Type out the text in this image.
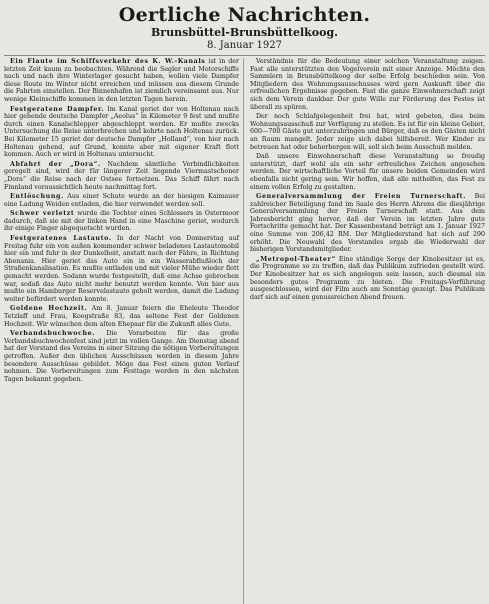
Oertliche Nachrichten.
Brunsbüttel-Brunsbüttelkoog.
8. Januar 1927

Ein Flaute im Schiffsverkehr des K. W.-Kanals ist in der letzten Zeit kaum zu beobachten. Während die Segler und Motorschiffe nach und nach ihre Winterlager gesucht haben, wollen viele Dampfer diese Route im Winter nicht erreichen und müssen aus diesem Grunde die Fahrten einstellen. Der Binnenhafen ist ziemlich vereinsamt aus. Nur wenige Kleinschiffe kommen in den letzten Tagen herein.

Festgeratene Dampfer. Im Kanal geriet der von Holtenau nach hier gehende deutsche Dampfer „Aeolus“ in Kilometer 9 fest und mußte durch einen Kanalschlepper abgeschleppt werden. Er mußte zwecks Untersuchung die Reise unterbrechen und kehrte nach Holtenau zurück. Bei Kilometer 15 geriet der deutsche Dampfer „Holland“, von hier nach Holtenau gehend, auf Grund, konnte aber mit eigener Kraft flott kommen. Auch er wird in Holtenau untersucht.

Abfahrt der „Dora“. Nachdem sämtliche Verbindlichkeiten geregelt sind, wird der für längerer Zeit liegende Viermastschoner „Dora“ die Reise nach der Ostsee fortsetzen. Das Schiff fährt nach Finnland voraussichtlich heute nachmittag fort.

Entlöschung. Aus einer Schute wurde an der hiesigen Kaimauer eine Ladung Weiden entladen, die hier verwendet werden soll.

Schwer verletzt wurde die Tochter eines Schlossers in Ostermoor dadurch, daß sie mit der linken Hand in eine Maschine geriet, wodurch ihr einige Finger abgequetscht wurden.

Festgeratenes Lastauto. In der Nacht von Donnerstag auf Freitag fuhr ein von außen kommender schwer beladenes Lastautomobil hier ein und fuhr in der Dunkelheit, anstatt nach der Fähre, in Richtung Abenania. Hier geriet das Auto ein in ein Wasserabflußloch der Straßenkanalisation. Es mußte entladen und mit vieler Mühe wieder flott gemacht werden. Sodann wurde festgestellt, daß eine Achse gebrochen war, sodaß das Auto nicht mehr benutzt werden konnte. Von hier aus mußte ein Hamburger Reservelastauto geholt werden, damit die Ladung weiter befördert werden konnte.

Goldene Hochzeit. Am 8. Januar feiern die Eheleute Theodor Tetzlaff und Frau, Koogstraße 83, das seltene Fest der Goldenen Hochzeit. Wir wünschen dem alten Ehepaar für die Zukunft alles Gute.

Verbandsbuchwoche. Die Vorarbeiten für das große Verbandsbuchwochenfest sind jetzt im vollen Gange. Am Dienstag abend hat der Vorstand des Vereins in einer Sitzung die nötigen Vorbereitungen getroffen. Außer den üblichen Ausschüssen werden in diesem Jahre besondere Ausschüsse gebildet. Möge das Fest einen guten Verlauf nehmen. Die Vorbereitungen zum Festtage werden in den nächsten Tagen bekannt gegeben.

Verständnis für die Bedeutung einer solchen Veranstaltung zeigen. Fast alle unterstützten den Vogelverein mit einer Anzeige. Möchte den Sammlern in Brunsbüttelkoog der selbe Erfolg beschieden sein. Von Mitgliedern des Wohnungsausschusses wird gern Auskunft über die erfreulichen Ergebnisse gegeben. Fast die ganze Einwohnerschaft zeigt sich dem Verein dankbar. Der gute Wille zur Förderung des Festes ist überall zu spüren.

Der noch Schlafgelegenheit frei hat, wird gebeten, dies beim Wohnungsausschuß zur Verfügung zu stellen. Es ist für ein kleine Gebiet, 600—700 Gäste gut unterzubringen und Bürger, daß es den Gästen nicht an Raum mangelt. Jeder zeige sich dabei hilfsbereit. Wer Kinder zu betreuen hat oder beherbergen will, soll sich beim Ausschuß melden.

Daß unsere Einwohnerschaft diese Veranstaltung so freudig unterstützt, darf wohl als ein sehr erfreuliches Zeichen angesehen werden. Der wirtschaftliche Vorteil für unsere beiden Gemeinden wird ebenfalls nicht gering sein. Wir hoffen, daß alle mithelfen, das Fest zu einem vollen Erfolg zu gestalten.

Generalversammlung der Freien Turnerschaft. Bei zahlreicher Beteiligung fand im Saale des Herrn Ahrens die diesjährige Generalversammlung der Freien Turnerschaft statt. Aus dem Jahresbericht ging hervor, daß der Verein im letzten Jahre gute Fortschritte gemacht hat. Der Kassenbestand beträgt am 1. Januar 1927 eine Summe von 206,42 RM. Der Mitgliederstand hat sich auf 290 erhöht. Die Neuwahl des Vorstandes ergab die Wiederwahl der bisherigen Vorstandsmitglieder.

„Metropol-Theater“ Eine ständige Sorge der Kinobesitzer ist es, die Programme so zu treffen, daß das Publikum zufrieden gestellt wird. Der Kinobesitzer hat es sich angelegen sein lassen, auch diesmal ein besonders gutes Programm zu bieten. Die Freitags-Vorführung ausgeschlossen, wird der Film auch am Sonntag gezeigt. Das Publikum darf sich auf einen genussreichen Abend freuen.
